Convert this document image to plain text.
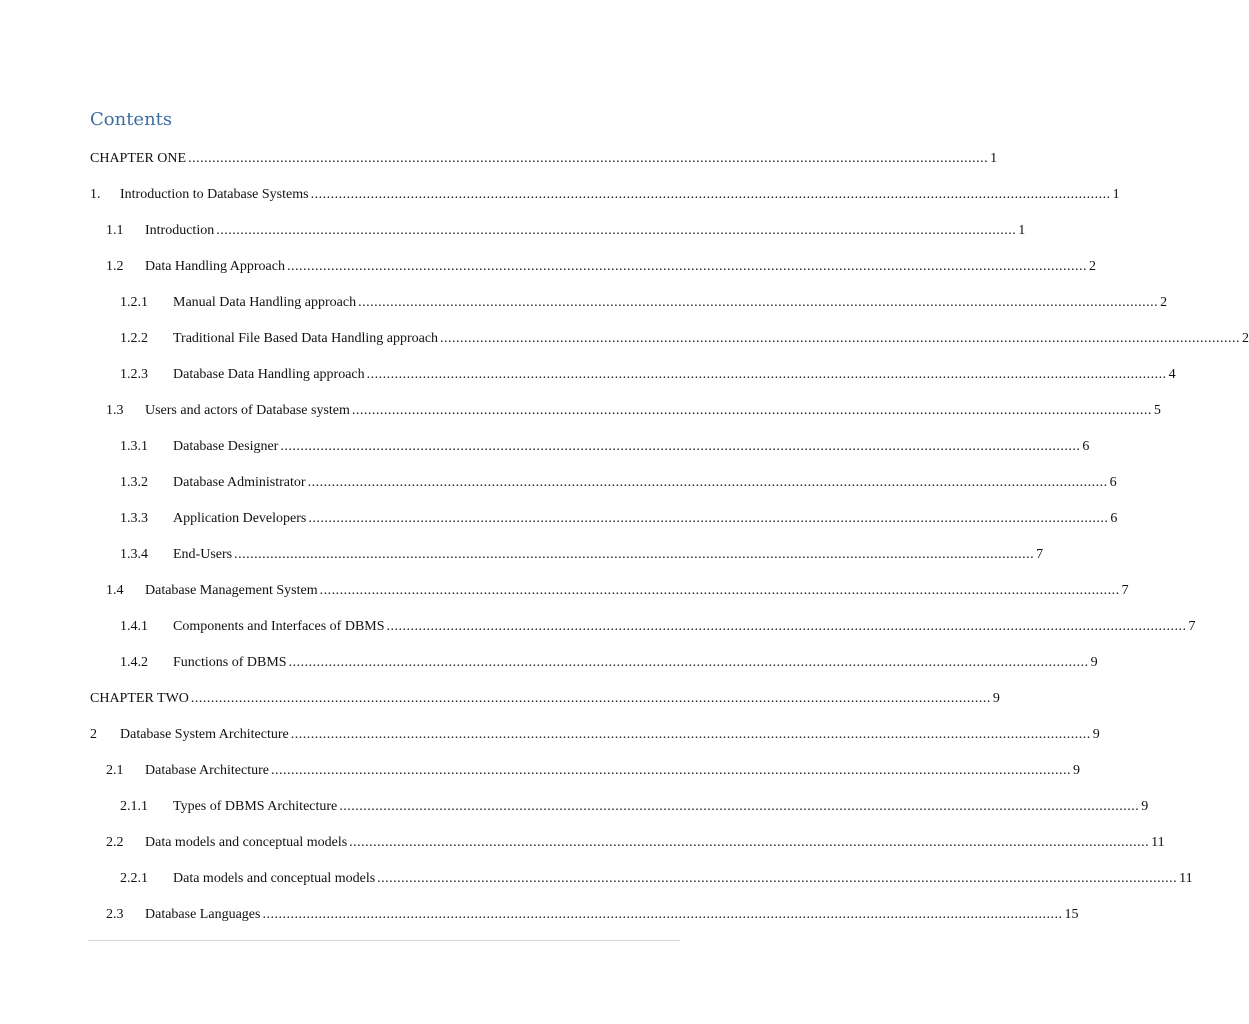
Contents
CHAPTER ONE ........................................................................................................................................................................................................ 1
1.	Introduction to Database Systems ........................................................................................................................................................................................................ 1
1.1	Introduction ........................................................................................................................................................................................................ 1
1.2	Data Handling Approach ........................................................................................................................................................................................................ 2
1.2.1	Manual Data Handling approach ........................................................................................................................................................................................................ 2
1.2.2	Traditional File Based Data Handling approach ........................................................................................................................................................................................................ 2
1.2.3	Database Data Handling approach ........................................................................................................................................................................................................ 4
1.3	Users and actors of Database system ........................................................................................................................................................................................................ 5
1.3.1	Database Designer ........................................................................................................................................................................................................ 6
1.3.2	Database Administrator ........................................................................................................................................................................................................ 6
1.3.3	Application Developers ........................................................................................................................................................................................................ 6
1.3.4	End-Users ........................................................................................................................................................................................................ 7
1.4	Database Management System ........................................................................................................................................................................................................ 7
1.4.1	Components and Interfaces of DBMS ........................................................................................................................................................................................................ 7
1.4.2	Functions of DBMS ........................................................................................................................................................................................................ 9
CHAPTER TWO ........................................................................................................................................................................................................ 9
2	Database System Architecture ........................................................................................................................................................................................................ 9
2.1	Database Architecture ........................................................................................................................................................................................................ 9
2.1.1	Types of DBMS Architecture ........................................................................................................................................................................................................ 9
2.2	Data models and conceptual models ........................................................................................................................................................................................................ 11
2.2.1	Data models and conceptual models ........................................................................................................................................................................................................ 11
2.3	Database Languages ........................................................................................................................................................................................................ 15
